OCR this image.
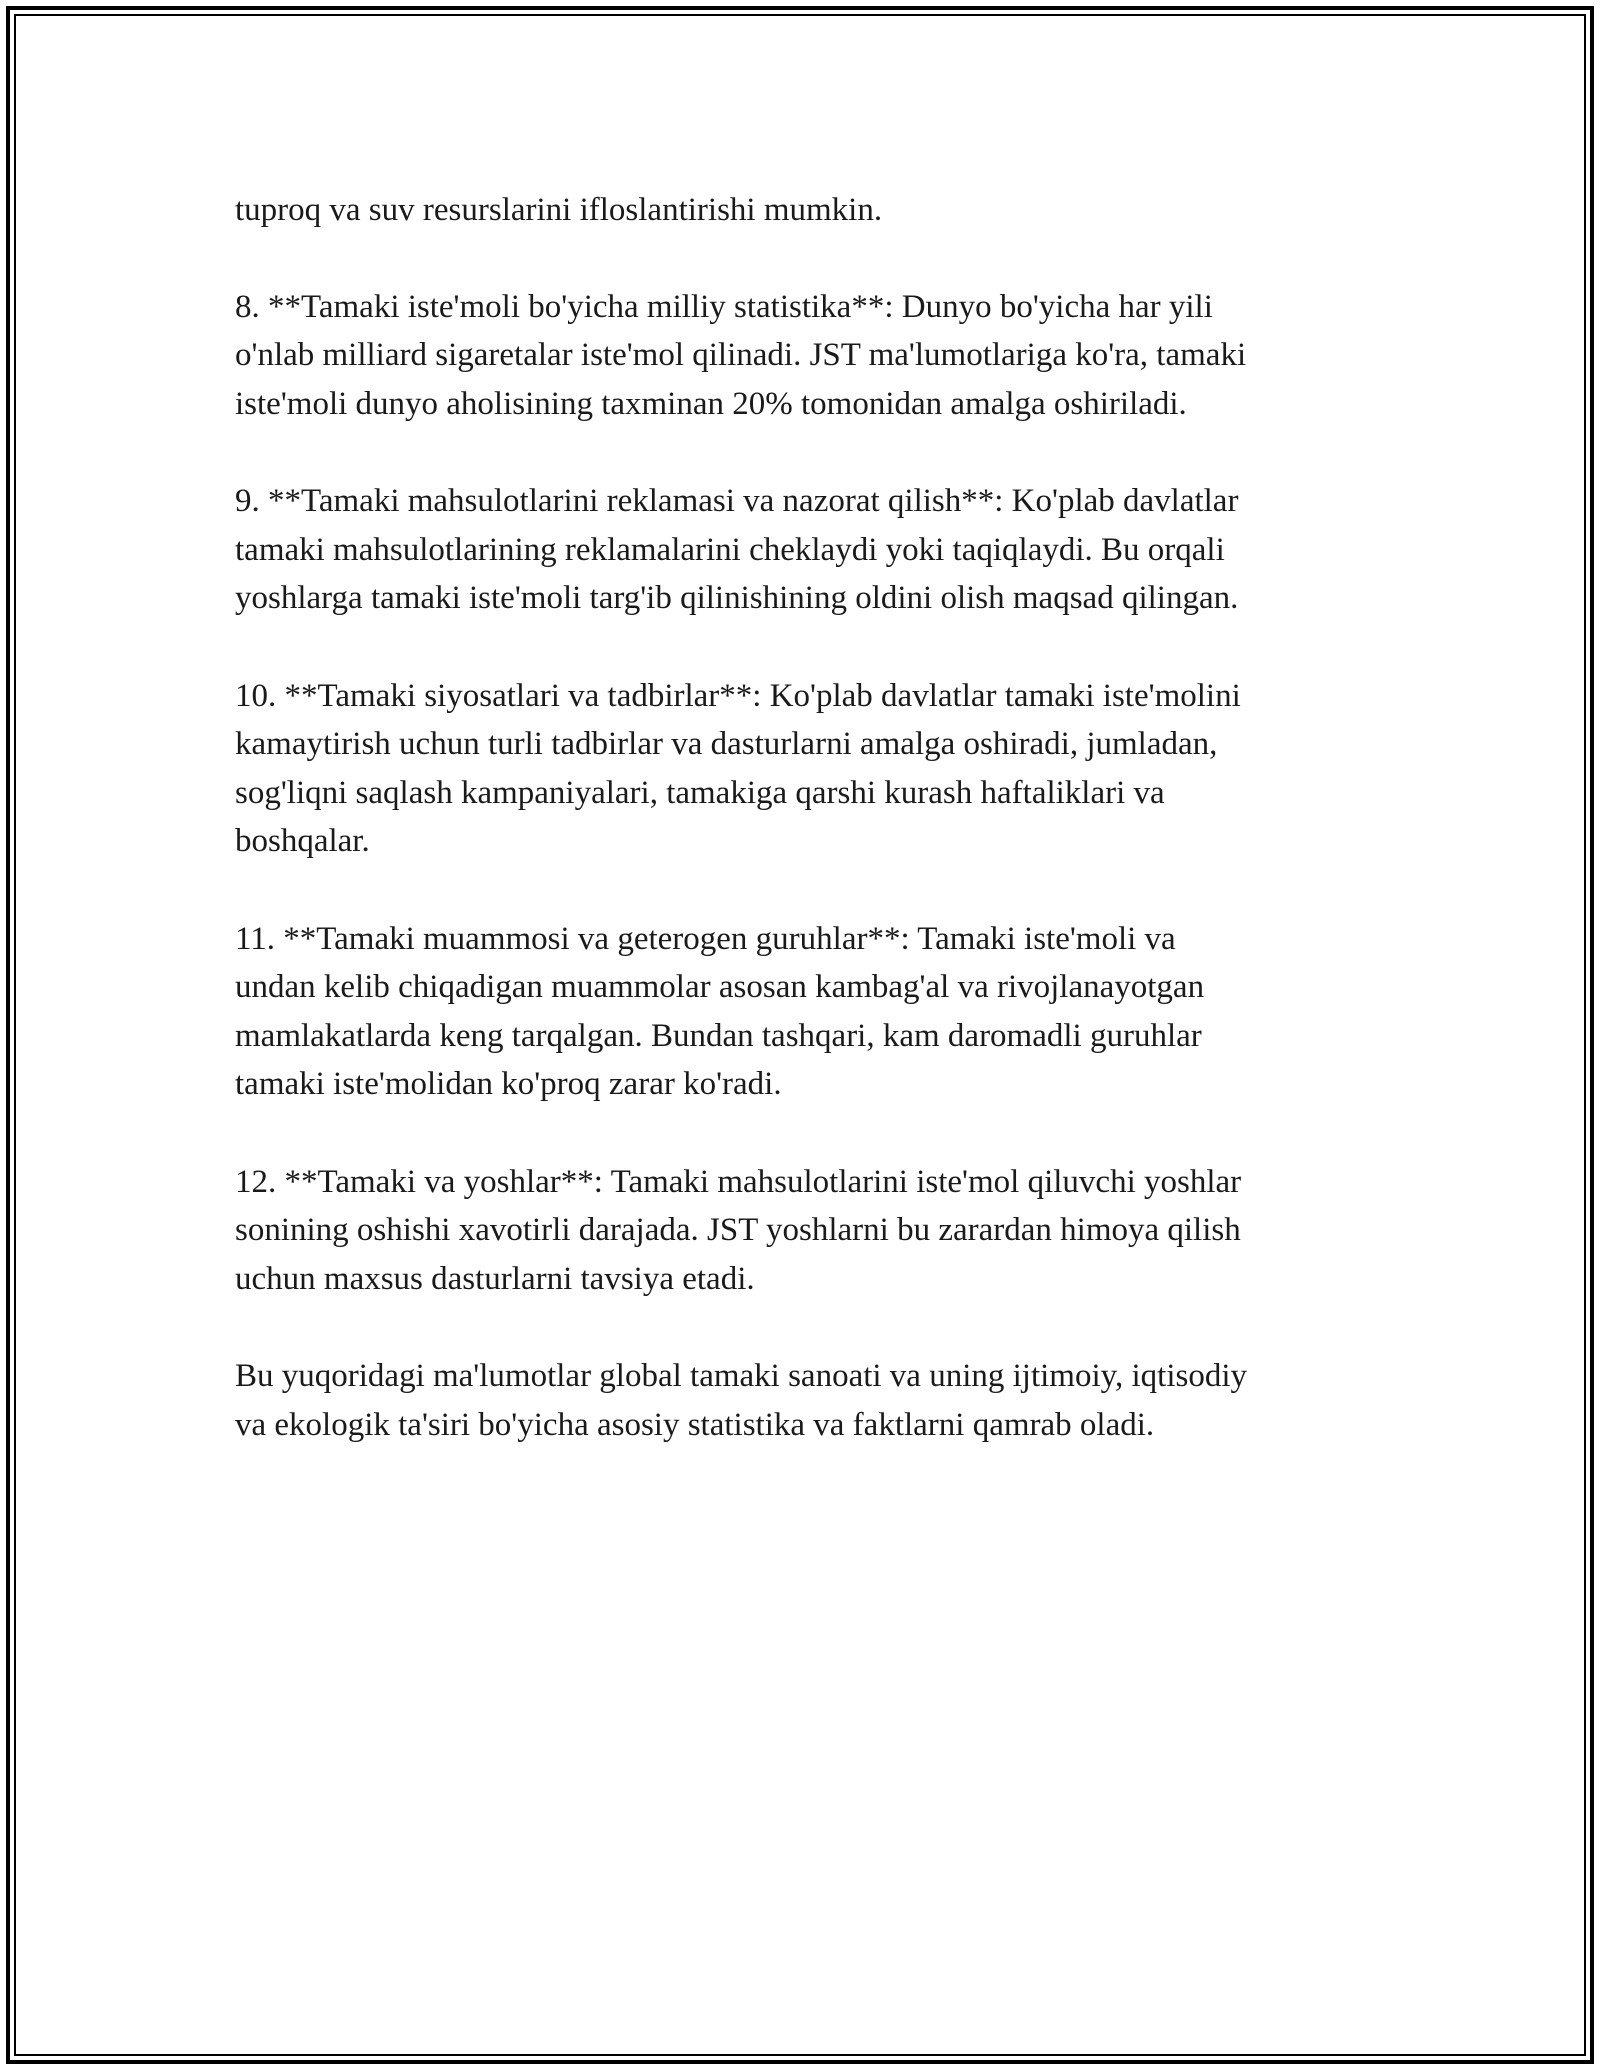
tuproq va suv resurslarini ifloslantirishi mumkin.

8. **Tamaki iste'moli bo'yicha milliy statistika**: Dunyo bo'yicha har yili
o'nlab milliard sigaretalar iste'mol qilinadi. JST ma'lumotlariga ko'ra, tamaki
iste'moli dunyo aholisining taxminan 20% tomonidan amalga oshiriladi.

9. **Tamaki mahsulotlarini reklamasi va nazorat qilish**: Ko'plab davlatlar
tamaki mahsulotlarining reklamalarini cheklaydi yoki taqiqlaydi. Bu orqali
yoshlarga tamaki iste'moli targ'ib qilinishining oldini olish maqsad qilingan.

10. **Tamaki siyosatlari va tadbirlar**: Ko'plab davlatlar tamaki iste'molini
kamaytirish uchun turli tadbirlar va dasturlarni amalga oshiradi, jumladan,
sog'liqni saqlash kampaniyalari, tamakiga qarshi kurash haftaliklari va
boshqalar.

11. **Tamaki muammosi va geterogen guruhlar**: Tamaki iste'moli va
undan kelib chiqadigan muammolar asosan kambag'al va rivojlanayotgan
mamlakatlarda keng tarqalgan. Bundan tashqari, kam daromadli guruhlar
tamaki iste'molidan ko'proq zarar ko'radi.

12. **Tamaki va yoshlar**: Tamaki mahsulotlarini iste'mol qiluvchi yoshlar
sonining oshishi xavotirli darajada. JST yoshlarni bu zarardan himoya qilish
uchun maxsus dasturlarni tavsiya etadi.

Bu yuqoridagi ma'lumotlar global tamaki sanoati va uning ijtimoiy, iqtisodiy
va ekologik ta'siri bo'yicha asosiy statistika va faktlarni qamrab oladi.
